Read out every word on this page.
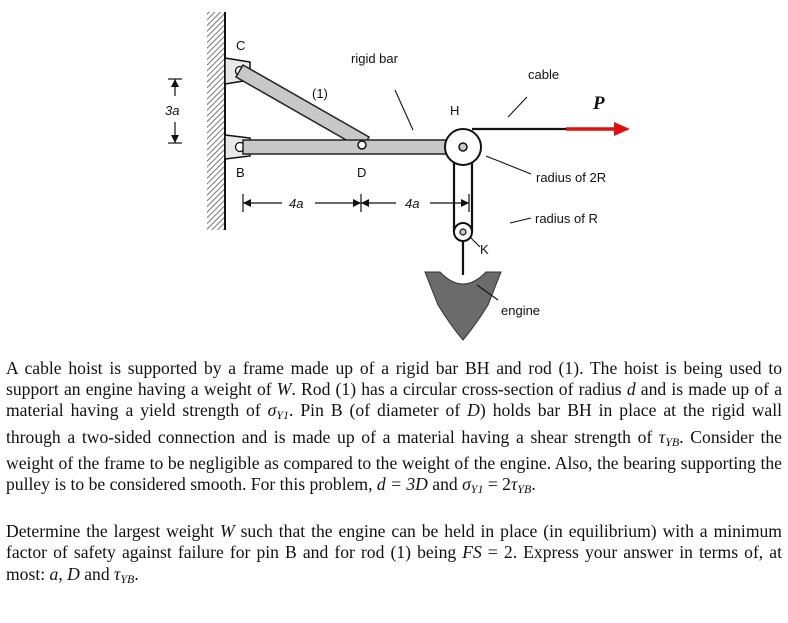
C
B	D
H
K
(1)
rigid bar
cable
P
radius of 2R
radius of R
engine
3a
4a	4a

A cable hoist is supported by a frame made up of a rigid bar BH and rod (1). The hoist is being used to support an engine having a weight of W. Rod (1) has a circular cross-section of radius d and is made up of a material having a yield strength of $\sigma_{Y1}$. Pin B (of diameter of D) holds bar BH in place at the rigid wall through a two-sided connection and is made up of a material having a shear strength of $\tau_{YB}$. Consider the weight of the frame to be negligible as compared to the weight of the engine. Also, the bearing supporting the pulley is to be considered smooth. For this problem, d = 3D and $\sigma_{Y1} = 2\tau_{YB}$.

Determine the largest weight W such that the engine can be held in place (in equilibrium) with a minimum factor of safety against failure for pin B and for rod (1) being FS = 2. Express your answer in terms of, at most: a, D and $\tau_{YB}$.
